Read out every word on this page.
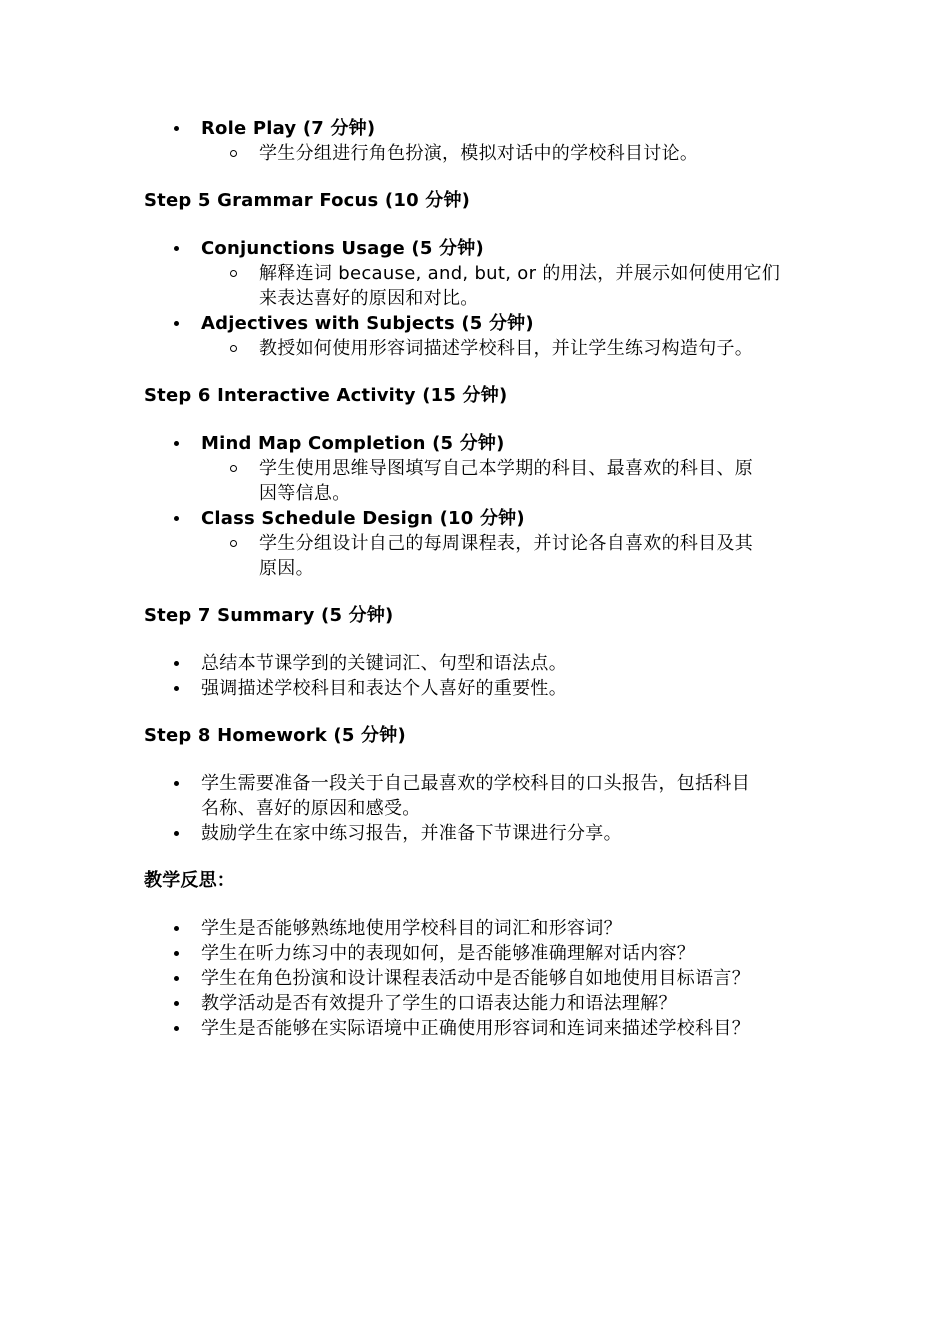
Role Play (7 分钟)
学生分组进行角色扮演，模拟对话中的学校科目讨论。

Step 5 Grammar Focus (10 分钟)

Conjunctions Usage (5 分钟)
解释连词 because, and, but, or 的用法，并展示如何使用它们
来表达喜好的原因和对比。
Adjectives with Subjects (5 分钟)
教授如何使用形容词描述学校科目，并让学生练习构造句子。

Step 6 Interactive Activity (15 分钟)

Mind Map Completion (5 分钟)
学生使用思维导图填写自己本学期的科目、最喜欢的科目、原
因等信息。
Class Schedule Design (10 分钟)
学生分组设计自己的每周课程表，并讨论各自喜欢的科目及其
原因。

Step 7 Summary (5 分钟)

总结本节课学到的关键词汇、句型和语法点。
强调描述学校科目和表达个人喜好的重要性。

Step 8 Homework (5 分钟)

学生需要准备一段关于自己最喜欢的学校科目的口头报告，包括科目
名称、喜好的原因和感受。
鼓励学生在家中练习报告，并准备下节课进行分享。

教学反思：

学生是否能够熟练地使用学校科目的词汇和形容词？
学生在听力练习中的表现如何，是否能够准确理解对话内容？
学生在角色扮演和设计课程表活动中是否能够自如地使用目标语言？
教学活动是否有效提升了学生的口语表达能力和语法理解？
学生是否能够在实际语境中正确使用形容词和连词来描述学校科目？
